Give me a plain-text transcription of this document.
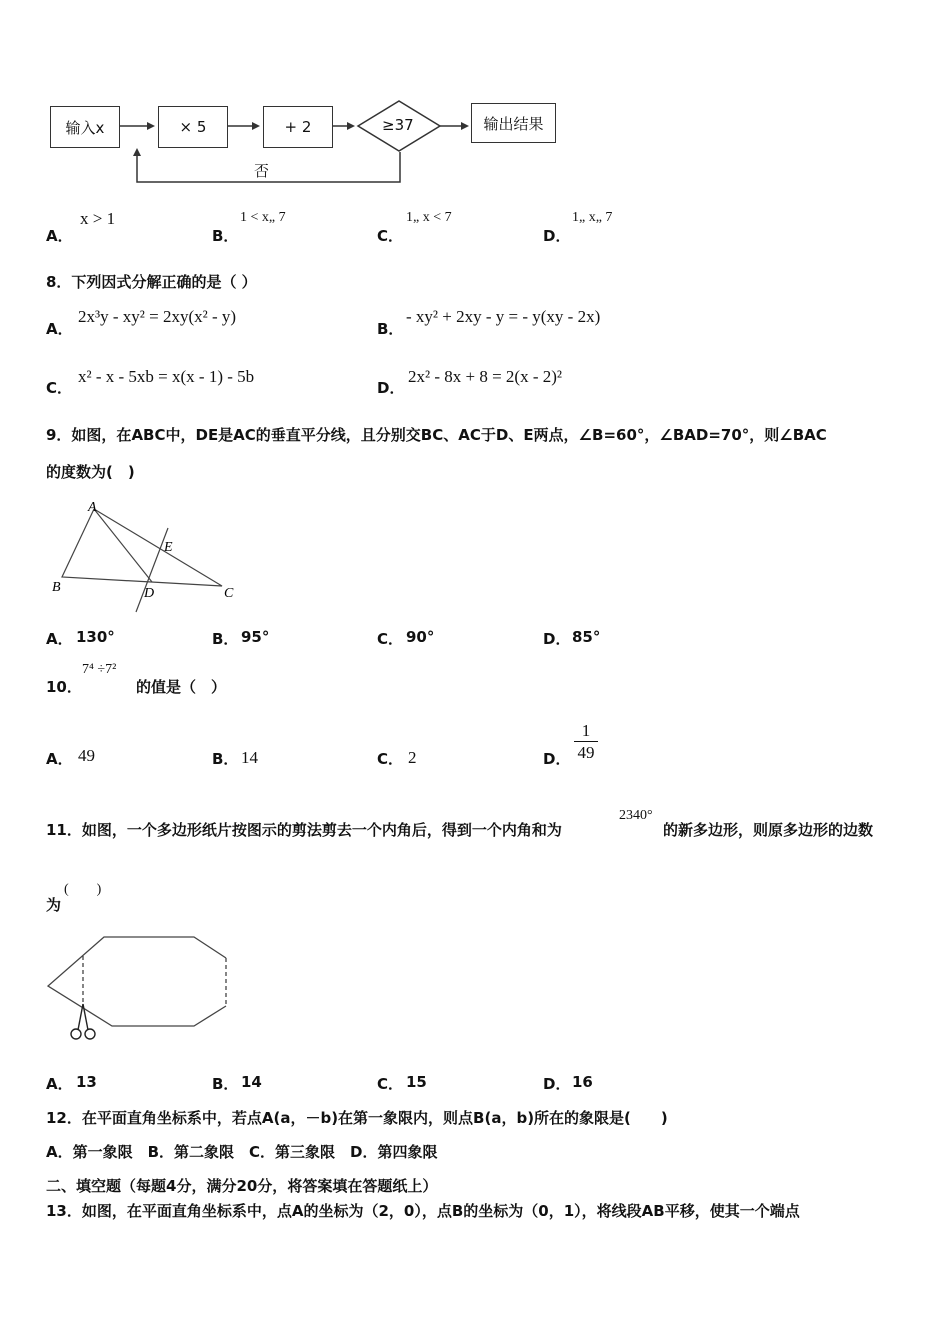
输入x	× 5	+ 2	≥37	输出结果
否
A．
x > 1
B．
1 < x„ 7
C．
1„ x < 7
D．
1„ x„ 7
8．下列因式分解正确的是（ ）
A．
2x³y - xy² = 2xy(x² - y)
B．
- xy² + 2xy - y = - y(xy - 2x)
C．
x² - x - 5xb = x(x - 1) - 5b
D．
2x² - 8x + 8 = 2(x - 2)²
9．如图，在ABC中，DE是AC的垂直平分线，且分别交BC、AC于D、E两点，∠B=60°，∠BAD=70°，则∠BAC
的度数为(　)
A
B	C
D
E
A． 130°	B． 95°	C． 90°	D． 85°
10．
7⁴ ÷7²
的值是（　）
A． 49	B． 14	C． 2	D． $\frac{1}{49}$
11．如图，一个多边形纸片按图示的剪法剪去一个内角后，得到一个内角和为
2340°
的新多边形，则原多边形的边数
为
(　　)
A． 13	B． 14	C． 15	D． 16
12．在平面直角坐标系中，若点A(a，－b)在第一象限内，则点B(a，b)所在的象限是(　　)
A．第一象限　B．第二象限　C．第三象限　D．第四象限
二、填空题（每题4分，满分20分，将答案填在答题纸上）
13．如图，在平面直角坐标系中，点A的坐标为（2，0），点B的坐标为（0，1），将线段AB平移，使其一个端点
